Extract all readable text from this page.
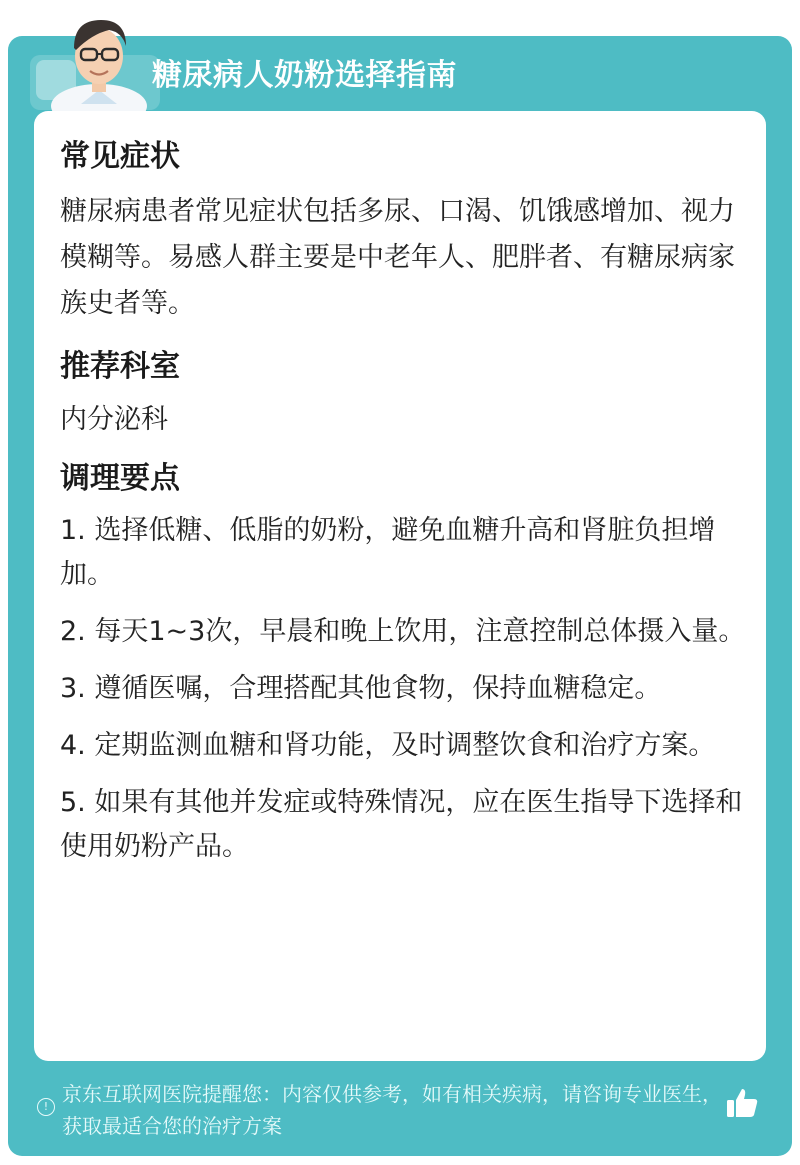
糖尿病人奶粉选择指南
常见症状

糖尿病患者常见症状包括多尿、口渴、饥饿感增加、视力模糊等。易感人群主要是中老年人、肥胖者、有糖尿病家族史者等。

推荐科室

内分泌科

调理要点

1. 选择低糖、低脂的奶粉，避免血糖升高和肾脏负担增加。

2. 每天1~3次，早晨和晚上饮用，注意控制总体摄入量。

3. 遵循医嘱，合理搭配其他食物，保持血糖稳定。

4. 定期监测血糖和肾功能，及时调整饮食和治疗方案。

5. 如果有其他并发症或特殊情况，应在医生指导下选择和使用奶粉产品。

!
京东互联网医院提醒您：内容仅供参考，如有相关疾病，请咨询专业医生，获取最适合您的治疗方案
